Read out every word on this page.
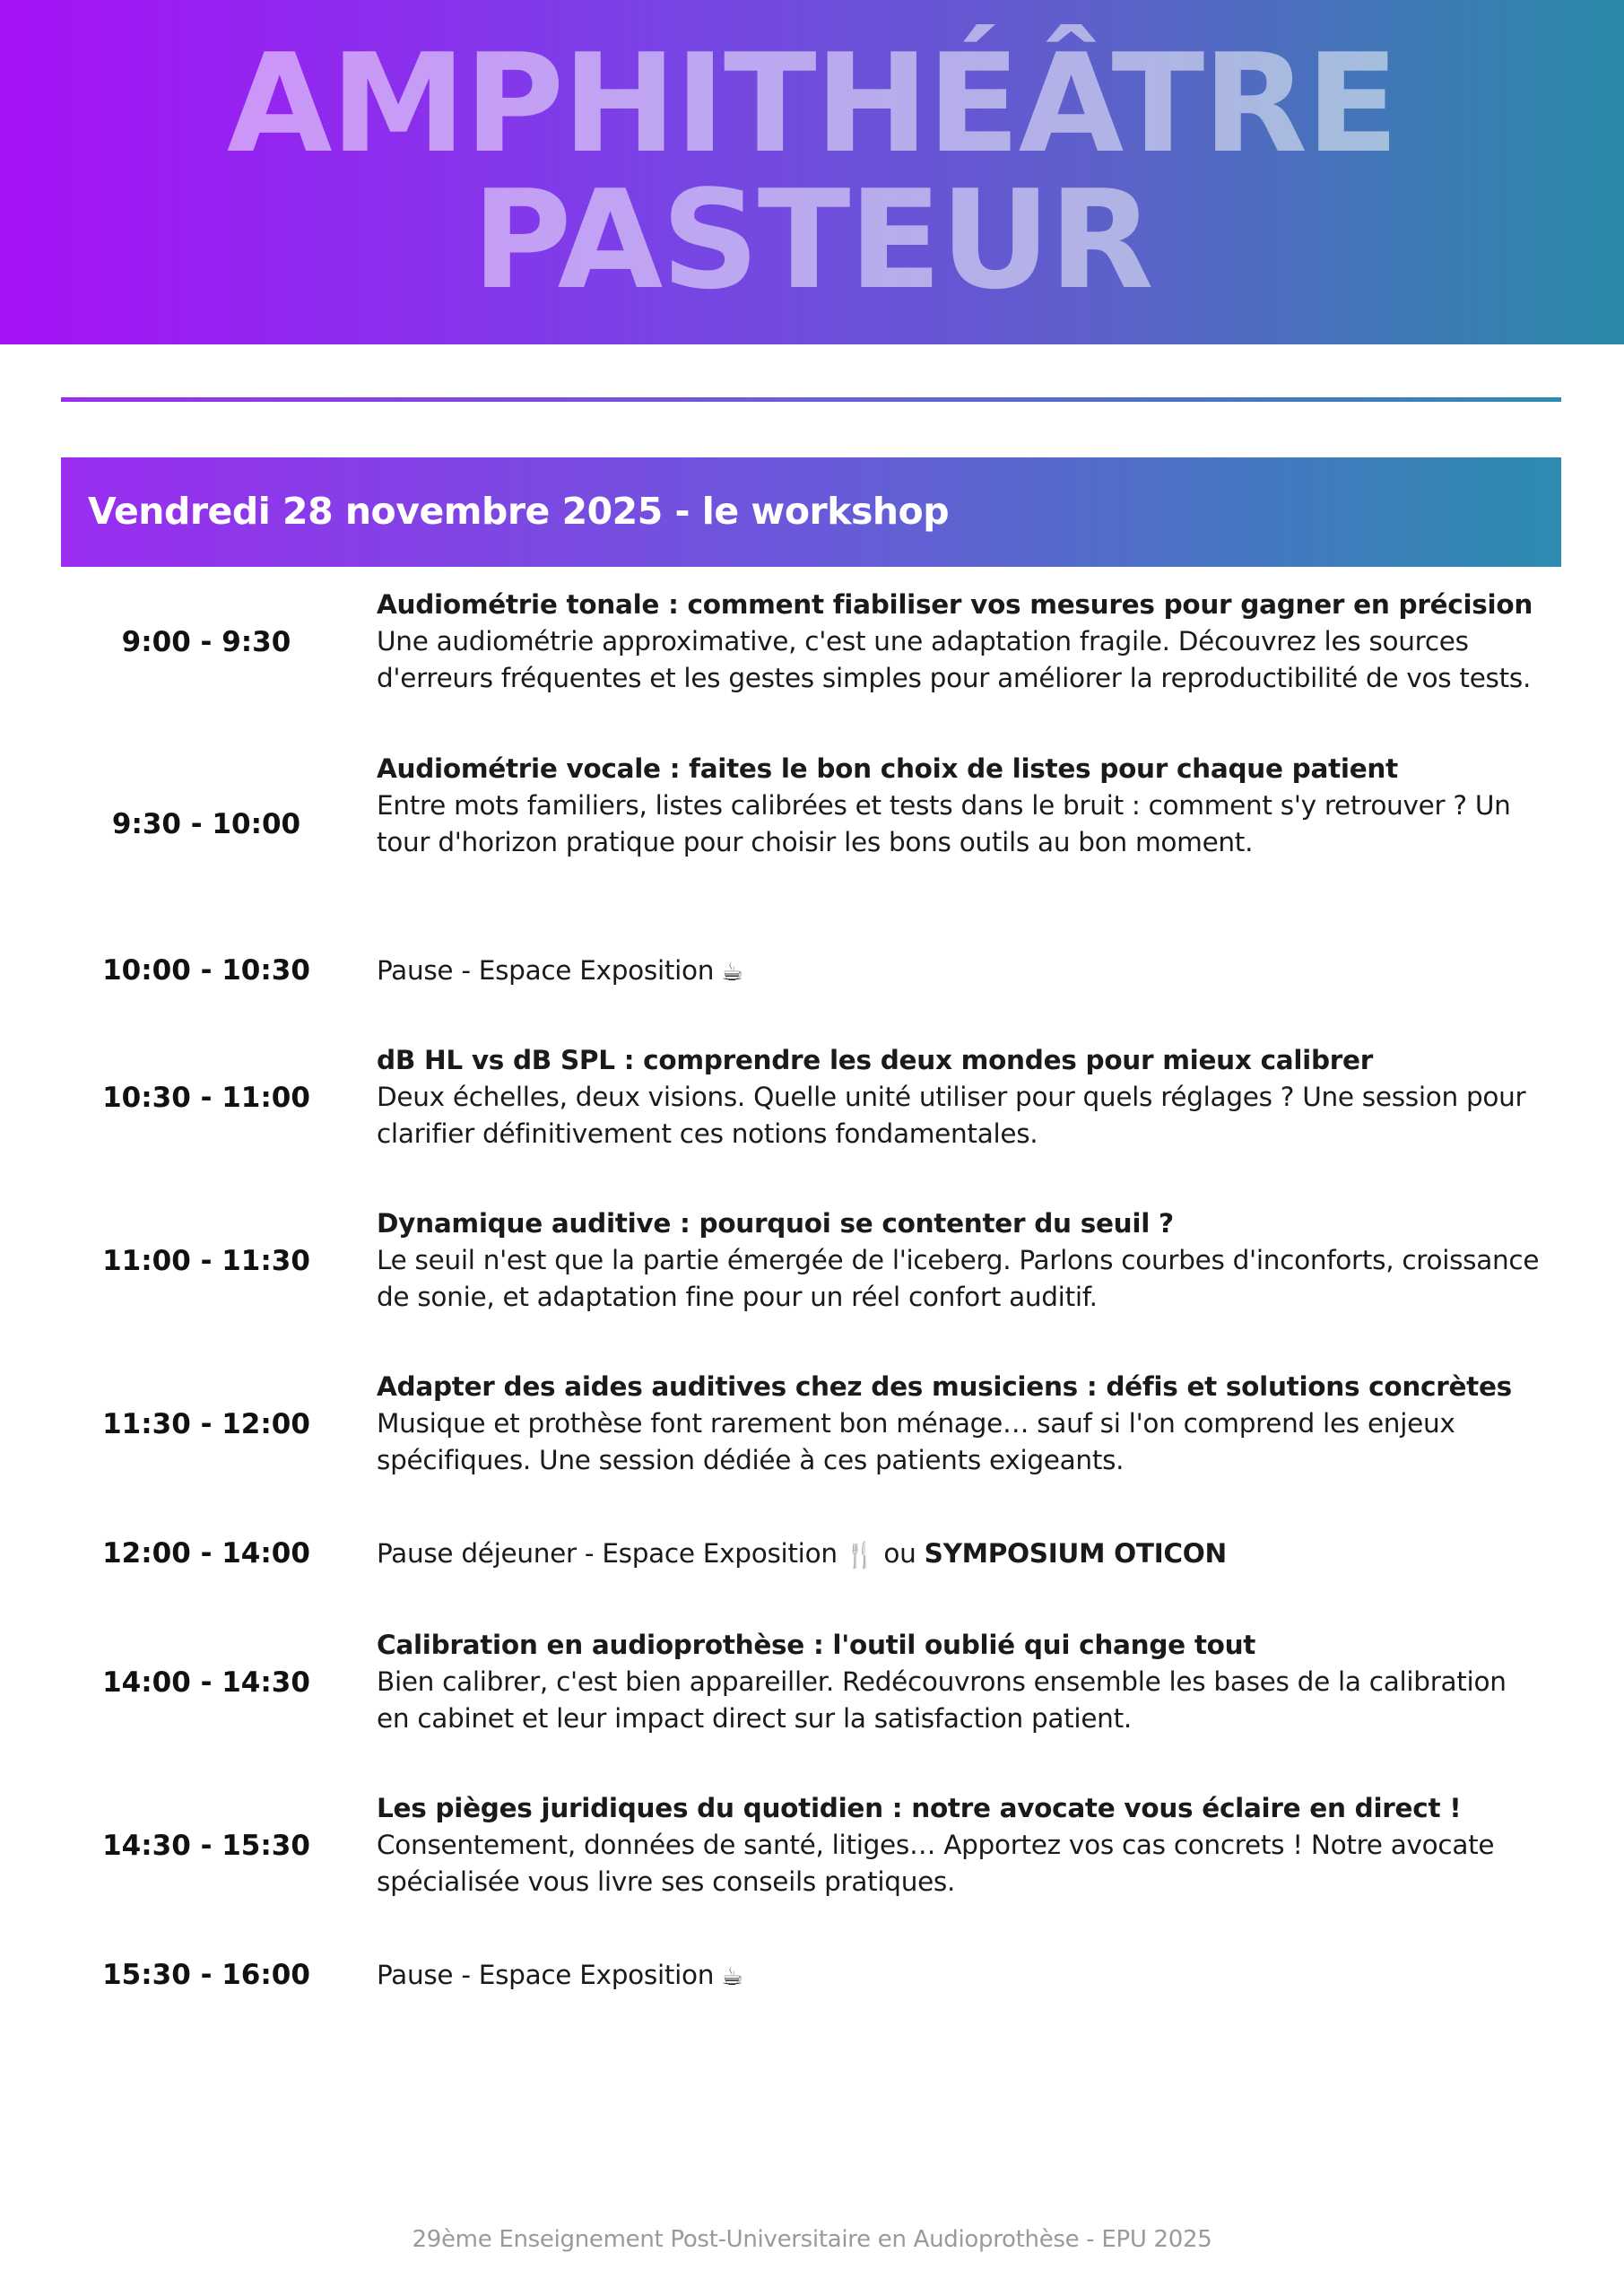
AMPHITHÉÂTRE
PASTEUR
Vendredi 28 novembre 2025 - le workshop
9:00 - 9:30
Audiométrie tonale : comment fiabiliser vos mesures pour gagner en précision
Une audiométrie approximative, c'est une adaptation fragile. Découvrez les sources d'erreurs fréquentes et les gestes simples pour améliorer la reproductibilité de vos tests.
9:30 - 10:00
Audiométrie vocale : faites le bon choix de listes pour chaque patient
Entre mots familiers, listes calibrées et tests dans le bruit : comment s'y retrouver ? Un tour d'horizon pratique pour choisir les bons outils au bon moment.
10:00 - 10:30	Pause - Espace Exposition ☕
10:30 - 11:00
dB HL vs dB SPL : comprendre les deux mondes pour mieux calibrer
Deux échelles, deux visions. Quelle unité utiliser pour quels réglages ? Une session pour clarifier définitivement ces notions fondamentales.
11:00 - 11:30
Dynamique auditive : pourquoi se contenter du seuil ?
Le seuil n'est que la partie émergée de l'iceberg. Parlons courbes d'inconforts, croissance de sonie, et adaptation fine pour un réel confort auditif.
11:30 - 12:00
Adapter des aides auditives chez des musiciens : défis et solutions concrètes
Musique et prothèse font rarement bon ménage… sauf si l'on comprend les enjeux spécifiques. Une session dédiée à ces patients exigeants.
12:00 - 14:00	Pause déjeuner - Espace Exposition 🍴 ou SYMPOSIUM OTICON
14:00 - 14:30
Calibration en audioprothèse : l'outil oublié qui change tout
Bien calibrer, c'est bien appareiller. Redécouvrons ensemble les bases de la calibration en cabinet et leur impact direct sur la satisfaction patient.
14:30 - 15:30
Les pièges juridiques du quotidien : notre avocate vous éclaire en direct !
Consentement, données de santé, litiges… Apportez vos cas concrets ! Notre avocate spécialisée vous livre ses conseils pratiques.
15:30 - 16:00	Pause - Espace Exposition ☕
29ème Enseignement Post-Universitaire en Audioprothèse - EPU 2025
